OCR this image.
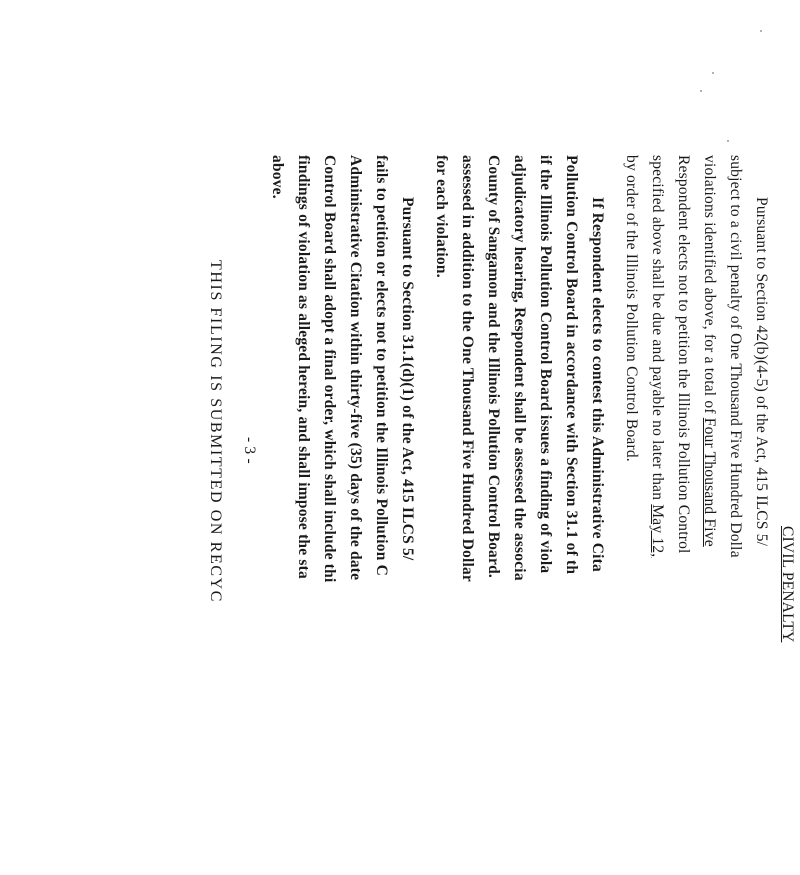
CIVIL PENALTY
Pursuant to Section 42(b)(4-5) of the Act, 415 ILCS 5/
subject to a civil penalty of One Thousand Five Hundred Dolla
violations identified above, for a total of Four Thousand Five
Respondent elects not to petition the Illinois Pollution Control
specified above shall be due and payable no later than May 12,
by order of the Illinois Pollution Control Board.
If Respondent elects to contest this Administrative Cita
Pollution Control Board in accordance with Section 31.1 of th
if the Illinois Pollution Control Board issues a finding of viola
adjudicatory hearing, Respondent shall be assessed the associa
County of Sangamon and the Illinois Pollution Control Board.
assessed in addition to the One Thousand Five Hundred Dollar
for each violation.
Pursuant to Section 31.1(d)(1) of the Act, 415 ILCS 5/
fails to petition or elects not to petition the Illinois Pollution C
Administrative Citation within thirty-five (35) days of the date
Control Board shall adopt a final order, which shall include thi
findings of violation as alleged herein, and shall impose the sta
above.
- 3 -
THIS FILING IS SUBMITTED ON RECYC
